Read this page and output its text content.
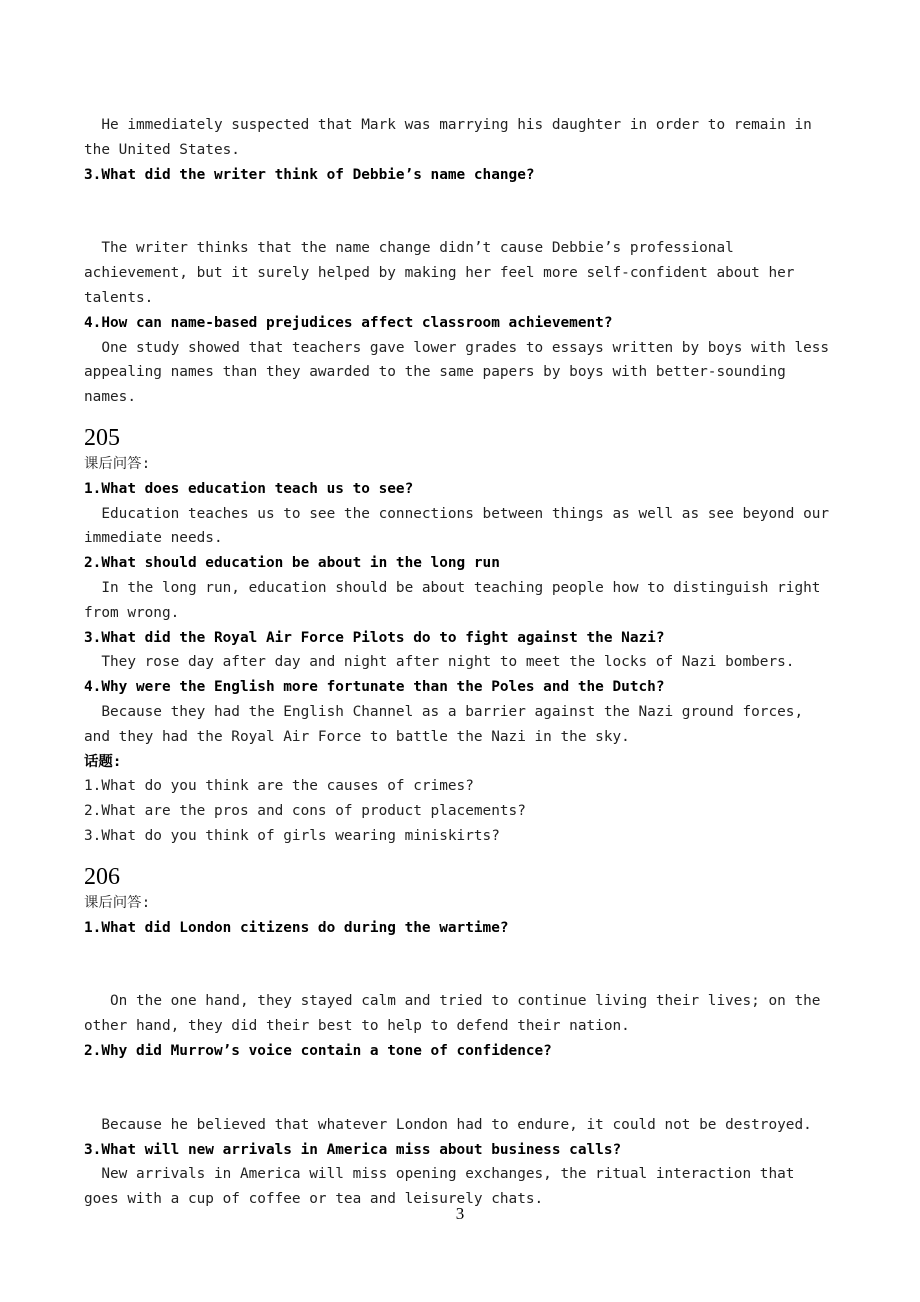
He immediately suspected that Mark was marrying his daughter in order to remain in the United States.

3.What did the writer think of Debbie’s name change?

The writer thinks that the name change didn’t cause Debbie’s professional achievement, but it surely helped by making her feel more self-confident about her talents.

4.How can name-based prejudices affect classroom achievement?

One study showed that teachers gave lower grades to essays written by boys with less appealing names than they awarded to the same papers by boys with better-sounding names.

205

课后问答:

1.What does education teach us to see?

Education teaches us to see the connections between things as well as see beyond our immediate needs.

2.What should education be about in the long run

In the long run, education should be about teaching people how to distinguish right from wrong.

3.What did the Royal Air Force Pilots do to fight against the Nazi?

They rose day after day and night after night to meet the locks of Nazi bombers.

4.Why were the English more fortunate than the Poles and the Dutch?

Because they had the English Channel as a barrier against the Nazi ground forces, and they had the Royal Air Force to battle the Nazi in the sky.

话题:

1.What do you think are the causes of crimes?

2.What are the pros and cons of product placements?

3.What do you think of girls wearing miniskirts?

206

课后问答:

1.What did London citizens do during the wartime?

On the one hand, they stayed calm and tried to continue living their lives; on the other hand, they did their best to help to defend their nation.

2.Why did Murrow’s voice contain a tone of confidence?

Because he believed that whatever London had to endure, it could not be destroyed.

3.What will new arrivals in America miss about business calls?

New arrivals in America will miss opening exchanges, the ritual interaction that goes with a cup of coffee or tea and leisurely chats.

3
